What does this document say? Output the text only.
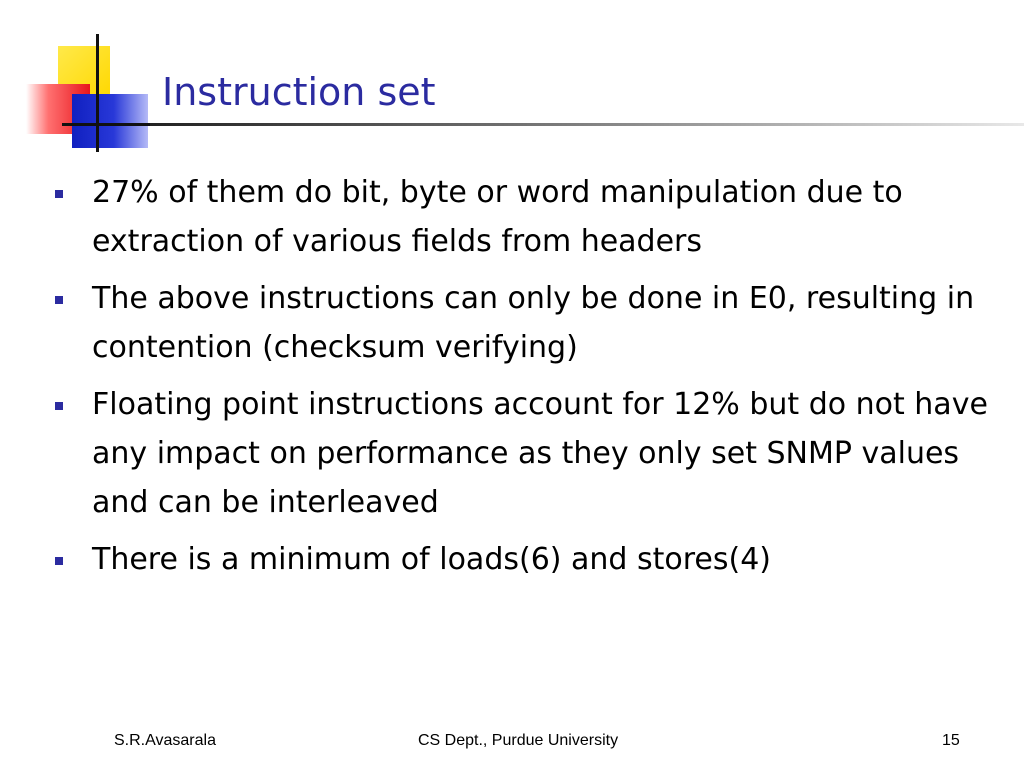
Instruction set
27% of them do bit, byte or word manipulation due to extraction of various fields from headers
The above instructions can only be done in E0, resulting in contention (checksum verifying)
Floating point instructions account for 12% but do not have any impact on performance as they only set SNMP values and can be interleaved
There is a minimum of loads(6) and stores(4)
S.R.Avasarala	CS Dept., Purdue University	15
